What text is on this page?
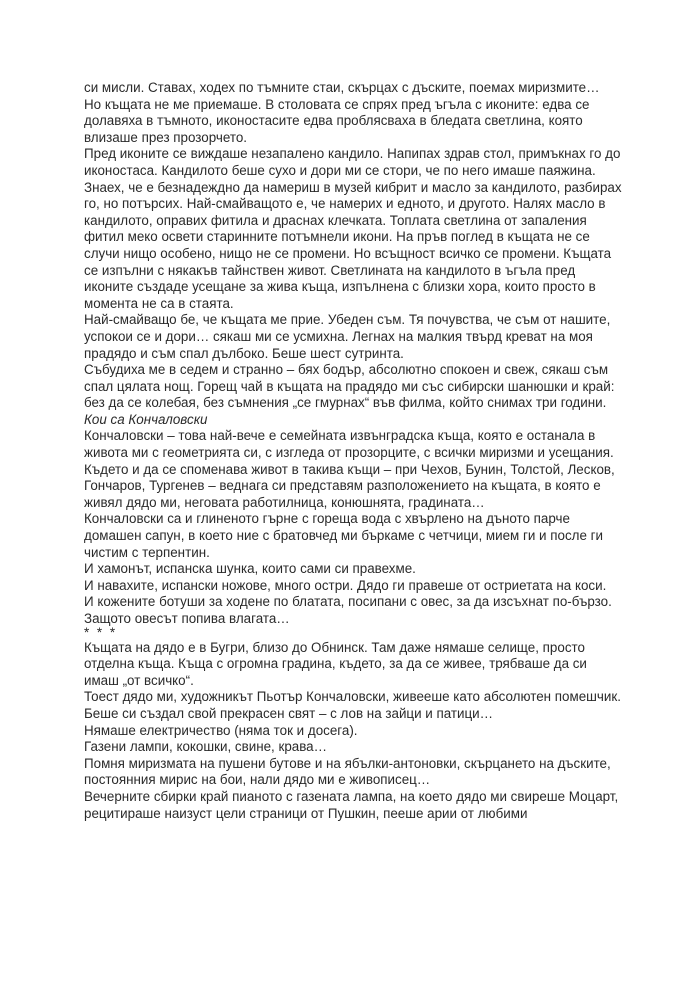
си мисли. Ставах, ходех по тъмните стаи, скърцах с дъските, поемах миризмите…

Но къщата не ме приемаше. В столовата се спрях пред ъгъла с иконите: едва се долавяха в тъмното, иконостасите едва проблясваха в бледата светлина, която влизаше през прозорчето.

Пред иконите се виждаше незапалено кандило. Напипах здрав стол, примъкнах го до иконостаса. Кандилото беше сухо и дори ми се стори, че по него имаше паяжина. Знаех, че е безнадеждно да намериш в музей кибрит и масло за кандилото, разбирах го, но потърсих. Най-смайващото е, че намерих и едното, и другото. Налях масло в кандилото, оправих фитила и драснах клечката. Топлата светлина от запаления фитил меко освети старинните потъмнели икони. На пръв поглед в къщата не се случи нищо особено, нищо не се промени. Но всъщност всичко се промени. Къщата се изпълни с някакъв тайнствен живот. Светлината на кандилото в ъгъла пред иконите създаде усещане за жива къща, изпълнена с близки хора, които просто в момента не са в стаята.

Най-смайващо бе, че къщата ме прие. Убеден съм. Тя почувства, че съм от нашите, успокои се и дори… сякаш ми се усмихна. Легнах на малкия твърд креват на моя прадядо и съм спал дълбоко. Беше шест сутринта.

Събудиха ме в седем и странно – бях бодър, абсолютно спокоен и свеж, сякаш съм спал цялата нощ. Горещ чай в къщата на прадядо ми със сибирски шанюшки и край: без да се колебая, без съмнения „се гмурнах“ във филма, който снимах три години.

Кои са Кончаловски

Кончаловски – това най-вече е семейната извънградска къща, която е останала в живота ми с геометрията си, с изгледа от прозорците, с всички миризми и усещания. Където и да се споменава живот в такива къщи – при Чехов, Бунин, Толстой, Лесков, Гончаров, Тургенев – веднага си представям разположението на къщата, в която е живял дядо ми, неговата работилница, конюшнята, градината…

Кончаловски са и глиненото гърне с гореща вода с хвърлено на дъното парче домашен сапун, в което ние с братовчед ми бъркаме с четчици, мием ги и после ги чистим с терпентин.

И хамонът, испанска шунка, които сами си правехме.

И навахите, испански ножове, много остри. Дядо ги правеше от остриетата на коси.

И кожените ботуши за ходене по блатата, посипани с овес, за да изсъхнат по-бързо. Защото овесът попива влагата…

* * *

Къщата на дядо е в Бугри, близо до Обнинск. Там даже нямаше селище, просто отделна къща. Къща с огромна градина, където, за да се живее, трябваше да си имаш „от всичко“.

Тоест дядо ми, художникът Пьотър Кончаловски, живееше като абсолютен помешчик. Беше си създал свой прекрасен свят – с лов на зайци и патици…

Нямаше електричество (няма ток и досега).

Газени лампи, кокошки, свине, крава…

Помня миризмата на пушени бутове и на ябълки-антоновки, скърцането на дъските, постоянния мирис на бои, нали дядо ми е живописец…

Вечерните сбирки край пианото с газената лампа, на което дядо ми свиреше Моцарт, рецитираше наизуст цели страници от Пушкин, пееше арии от любими
